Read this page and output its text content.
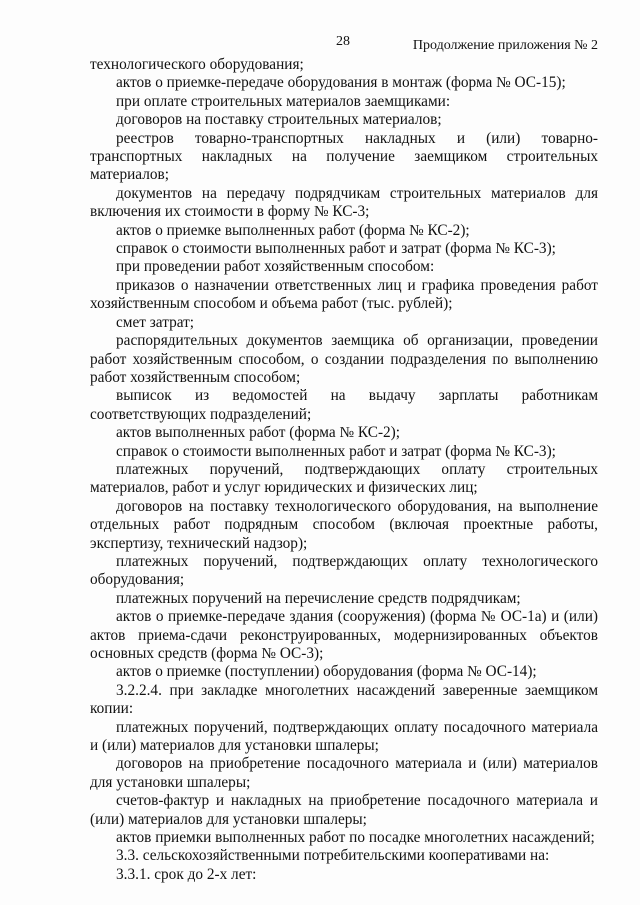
28	Продолжение приложения № 2

технологического оборудования;

актов о приемке-передаче оборудования в монтаж (форма № ОС-15);

при оплате строительных материалов заемщиками:

договоров на поставку строительных материалов;

реестров товарно-транспортных накладных и (или) товарно-транспортных накладных на получение заемщиком строительных материалов;

документов на передачу подрядчикам строительных материалов для включения их стоимости в форму № КС-3;

актов о приемке выполненных работ (форма № КС-2);

справок о стоимости выполненных работ и затрат (форма № КС-3);

при проведении работ хозяйственным способом:

приказов о назначении ответственных лиц и графика проведения работ хозяйственным способом и объема работ (тыс. рублей);

смет затрат;

распорядительных документов заемщика об организации, проведении работ хозяйственным способом, о создании подразделения по выполнению работ хозяйственным способом;

выписок из ведомостей на выдачу зарплаты работникам соответствующих подразделений;

актов выполненных работ (форма № КС-2);

справок о стоимости выполненных работ и затрат (форма № КС-3);

платежных поручений, подтверждающих оплату строительных материалов, работ и услуг юридических и физических лиц;

договоров на поставку технологического оборудования, на выполнение отдельных работ подрядным способом (включая проектные работы, экспертизу, технический надзор);

платежных поручений, подтверждающих оплату технологического оборудования;

платежных поручений на перечисление средств подрядчикам;

актов о приемке-передаче здания (сооружения) (форма № ОС-1а) и (или) актов приема-сдачи реконструированных, модернизированных объектов основных средств (форма № ОС-3);

актов о приемке (поступлении) оборудования (форма № ОС-14);

3.2.2.4. при закладке многолетних насаждений заверенные заемщиком копии:

платежных поручений, подтверждающих оплату посадочного материала и (или) материалов для установки шпалеры;

договоров на приобретение посадочного материала и (или) материалов для установки шпалеры;

счетов-фактур и накладных на приобретение посадочного материала и (или) материалов для установки шпалеры;

актов приемки выполненных работ по посадке многолетних насаждений;

3.3. сельскохозяйственными потребительскими кооперативами на:

3.3.1. срок до 2-х лет:
